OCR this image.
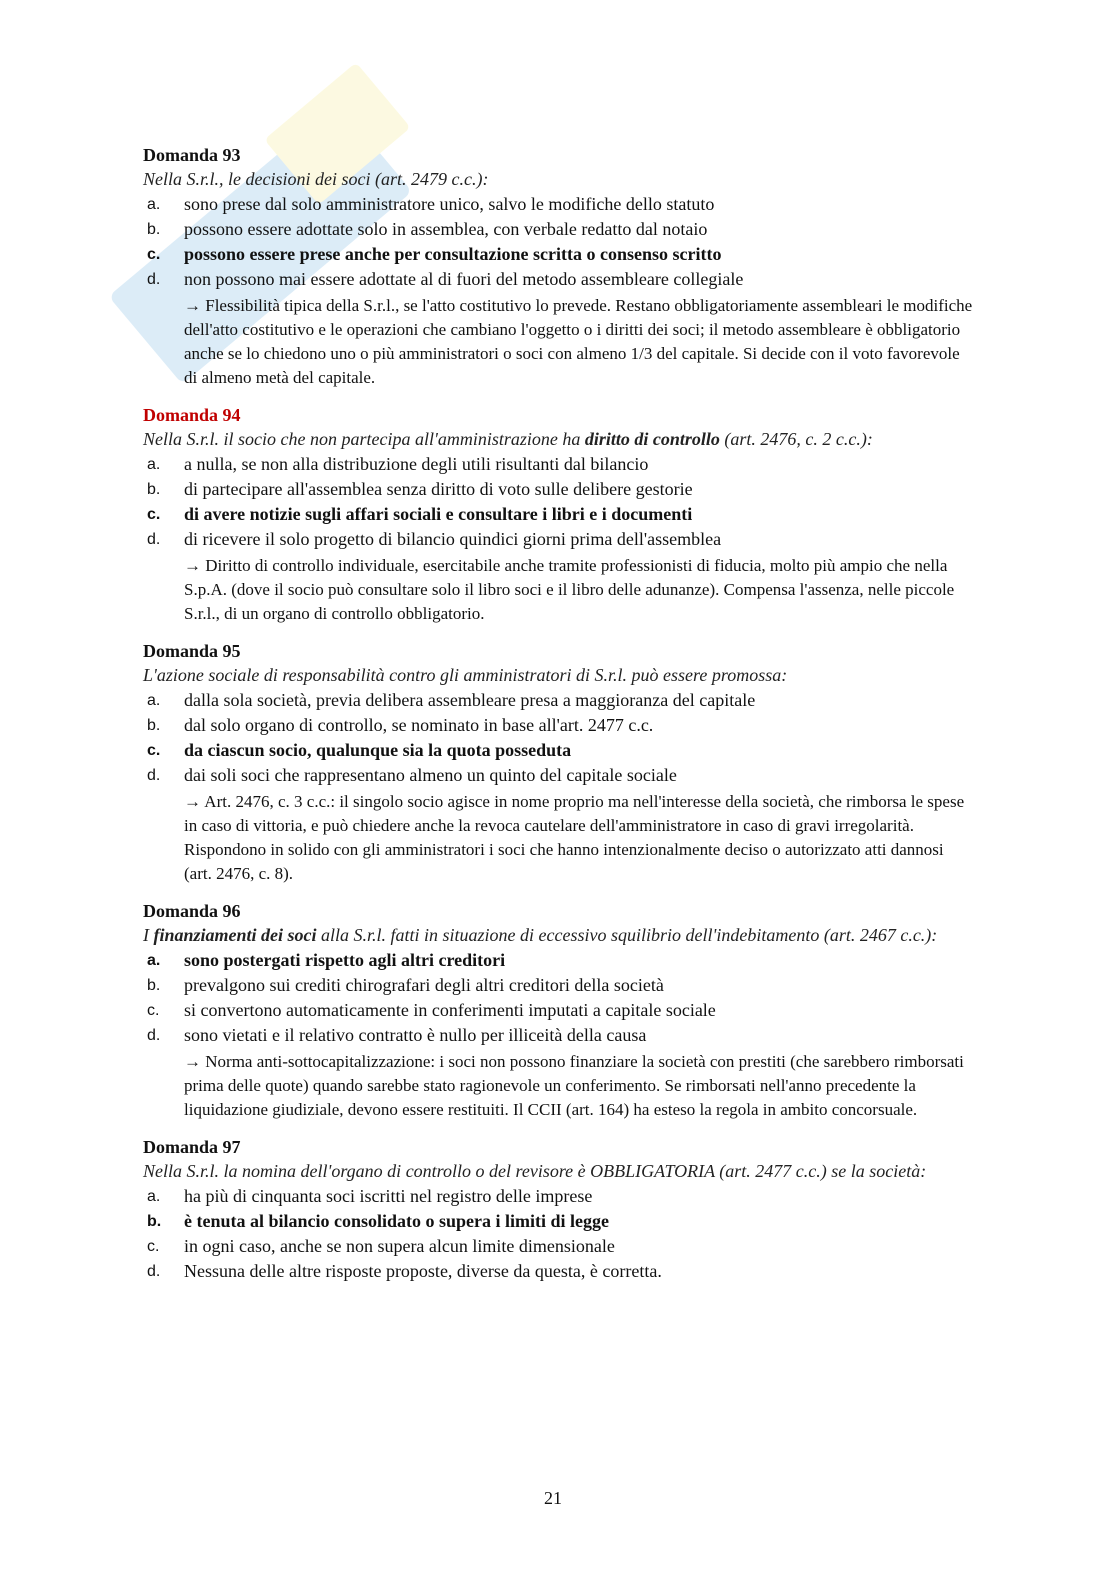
Domanda 93
Nella S.r.l., le decisioni dei soci (art. 2479 c.c.):
a.	sono prese dal solo amministratore unico, salvo le modifiche dello statuto
b.	possono essere adottate solo in assemblea, con verbale redatto dal notaio
c.	possono essere prese anche per consultazione scritta o consenso scritto
d.	non possono mai essere adottate al di fuori del metodo assembleare collegiale
→ Flessibilità tipica della S.r.l., se l'atto costitutivo lo prevede. Restano obbligatoriamente assembleari le modifiche dell'atto costitutivo e le operazioni che cambiano l'oggetto o i diritti dei soci; il metodo assembleare è obbligatorio anche se lo chiedono uno o più amministratori o soci con almeno 1/3 del capitale. Si decide con il voto favorevole di almeno metà del capitale.
Domanda 94
Nella S.r.l. il socio che non partecipa all'amministrazione ha diritto di controllo (art. 2476, c. 2 c.c.):
a.	a nulla, se non alla distribuzione degli utili risultanti dal bilancio
b.	di partecipare all'assemblea senza diritto di voto sulle delibere gestorie
c.	di avere notizie sugli affari sociali e consultare i libri e i documenti
d.	di ricevere il solo progetto di bilancio quindici giorni prima dell'assemblea
→ Diritto di controllo individuale, esercitabile anche tramite professionisti di fiducia, molto più ampio che nella S.p.A. (dove il socio può consultare solo il libro soci e il libro delle adunanze). Compensa l'assenza, nelle piccole S.r.l., di un organo di controllo obbligatorio.
Domanda 95
L'azione sociale di responsabilità contro gli amministratori di S.r.l. può essere promossa:
a.	dalla sola società, previa delibera assembleare presa a maggioranza del capitale
b.	dal solo organo di controllo, se nominato in base all'art. 2477 c.c.
c.	da ciascun socio, qualunque sia la quota posseduta
d.	dai soli soci che rappresentano almeno un quinto del capitale sociale
→ Art. 2476, c. 3 c.c.: il singolo socio agisce in nome proprio ma nell'interesse della società, che rimborsa le spese in caso di vittoria, e può chiedere anche la revoca cautelare dell'amministratore in caso di gravi irregolarità. Rispondono in solido con gli amministratori i soci che hanno intenzionalmente deciso o autorizzato atti dannosi (art. 2476, c. 8).
Domanda 96
I finanziamenti dei soci alla S.r.l. fatti in situazione di eccessivo squilibrio dell'indebitamento (art. 2467 c.c.):
a.	sono postergati rispetto agli altri creditori
b.	prevalgono sui crediti chirografari degli altri creditori della società
c.	si convertono automaticamente in conferimenti imputati a capitale sociale
d.	sono vietati e il relativo contratto è nullo per illiceità della causa
→ Norma anti-sottocapitalizzazione: i soci non possono finanziare la società con prestiti (che sarebbero rimborsati prima delle quote) quando sarebbe stato ragionevole un conferimento. Se rimborsati nell'anno precedente la liquidazione giudiziale, devono essere restituiti. Il CCII (art. 164) ha esteso la regola in ambito concorsuale.
Domanda 97
Nella S.r.l. la nomina dell'organo di controllo o del revisore è OBBLIGATORIA (art. 2477 c.c.) se la società:
a.	ha più di cinquanta soci iscritti nel registro delle imprese
b.	è tenuta al bilancio consolidato o supera i limiti di legge
c.	in ogni caso, anche se non supera alcun limite dimensionale
d.	Nessuna delle altre risposte proposte, diverse da questa, è corretta.
21
